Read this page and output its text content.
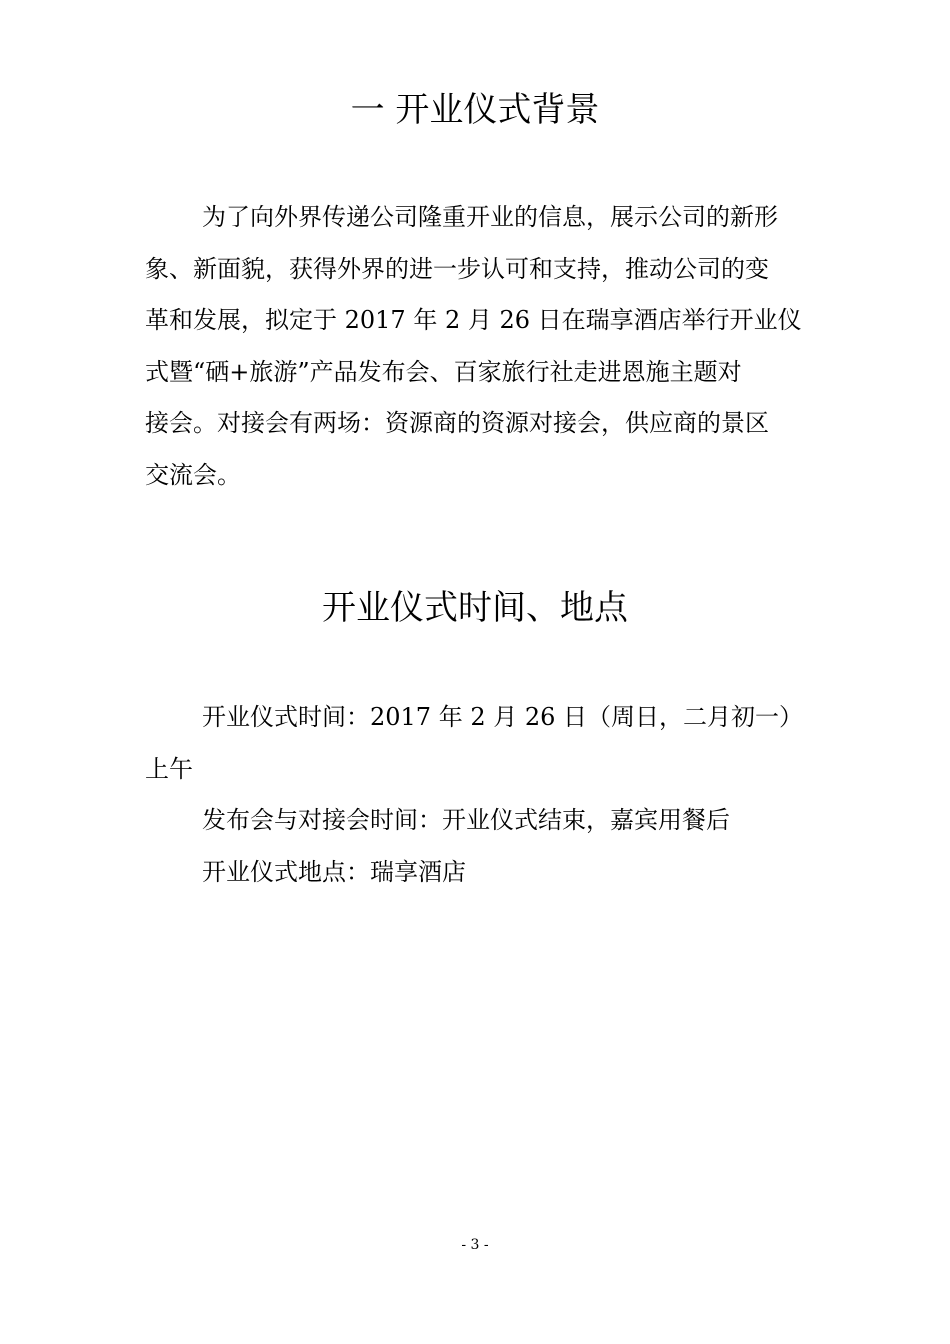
一 开业仪式背景
为了向外界传递公司隆重开业的信息，展示公司的新形
象、新面貌，获得外界的进一步认可和支持，推动公司的变
革和发展，拟定于 2017 年 2 月 26 日在瑞享酒店举行开业仪
式暨“硒+旅游”产品发布会、百家旅行社走进恩施主题对
接会。对接会有两场：资源商的资源对接会，供应商的景区
交流会。
开业仪式时间、地点
开业仪式时间：2017 年 2 月 26 日（周日，二月初一）
上午
发布会与对接会时间：开业仪式结束，嘉宾用餐后
开业仪式地点：瑞享酒店
- 3 -
